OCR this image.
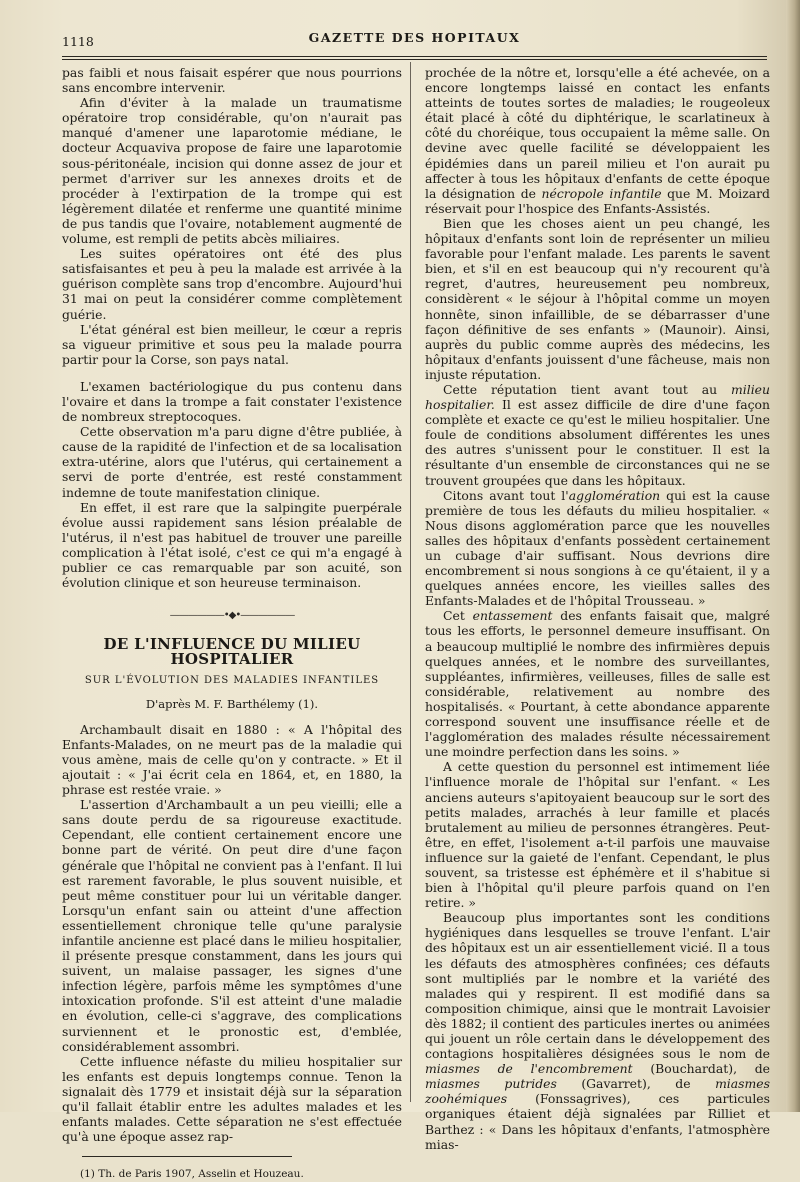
1118	GAZETTE DES HOPITAUX

pas faibli et nous faisait espérer que nous pourrions sans encombre intervenir.

Afin d'éviter à la malade un traumatisme opératoire trop considérable, qu'on n'aurait pas manqué d'amener une laparotomie médiane, le docteur Acquaviva propose de faire une laparotomie sous-péritonéale, incision qui donne assez de jour et permet d'arriver sur les annexes droits et de procéder à l'extirpation de la trompe qui est légèrement dilatée et renferme une quantité minime de pus tandis que l'ovaire, notablement augmenté de volume, est rempli de petits abcès miliaires.

Les suites opératoires ont été des plus satisfaisantes et peu à peu la malade est arrivée à la guérison complète sans trop d'encombre. Aujourd'hui 31 mai on peut la considérer comme complètement guérie.

L'état général est bien meilleur, le cœur a repris sa vigueur primitive et sous peu la malade pourra partir pour la Corse, son pays natal.

L'examen bactériologique du pus contenu dans l'ovaire et dans la trompe a fait constater l'existence de nombreux streptocoques.

Cette observation m'a paru digne d'être publiée, à cause de la rapidité de l'infection et de sa localisation extra-utérine, alors que l'utérus, qui certainement a servi de porte d'entrée, est resté constamment indemne de toute manifestation clinique.

En effet, il est rare que la salpingite puerpérale évolue aussi rapidement sans lésion préalable de l'utérus, il n'est pas habituel de trouver une pareille complication à l'état isolé, c'est ce qui m'a engagé à publier ce cas remarquable par son acuité, son évolution clinique et son heureuse terminaison.

——————•◆•——————
DE L'INFLUENCE DU MILIEU HOSPITALIER
SUR L'ÉVOLUTION DES MALADIES INFANTILES
D'après M. F. Barthélemy (1).

Archambault disait en 1880 : « A l'hôpital des Enfants-Malades, on ne meurt pas de la maladie qui vous amène, mais de celle qu'on y contracte. » Et il ajoutait : « J'ai écrit cela en 1864, et, en 1880, la phrase est restée vraie. »

L'assertion d'Archambault a un peu vieilli; elle a sans doute perdu de sa rigoureuse exactitude. Cependant, elle contient certainement encore une bonne part de vérité. On peut dire d'une façon générale que l'hôpital ne convient pas à l'enfant. Il lui est rarement favorable, le plus souvent nuisible, et peut même constituer pour lui un véritable danger. Lorsqu'un enfant sain ou atteint d'une affection essentiellement chronique telle qu'une paralysie infantile ancienne est placé dans le milieu hospitalier, il présente presque constamment, dans les jours qui suivent, un malaise passager, les signes d'une infection légère, parfois même les symptômes d'une intoxication profonde. S'il est atteint d'une maladie en évolution, celle-ci s'aggrave, des complications surviennent et le pronostic est, d'emblée, considérablement assombri.

Cette influence néfaste du milieu hospitalier sur les enfants est depuis longtemps connue. Tenon la signalait dès 1779 et insistait déjà sur la séparation qu'il fallait établir entre les adultes malades et les enfants malades. Cette séparation ne s'est effectuée qu'à une époque assez rap-

(1) Th. de Paris 1907, Asselin et Houzeau.

prochée de la nôtre et, lorsqu'elle a été achevée, on a encore longtemps laissé en contact les enfants atteints de toutes sortes de maladies; le rougeoleux était placé à côté du diphtérique, le scarlatineux à côté du choréique, tous occupaient la même salle. On devine avec quelle facilité se développaient les épidémies dans un pareil milieu et l'on aurait pu affecter à tous les hôpitaux d'enfants de cette époque la désignation de nécropole infantile que M. Moizard réservait pour l'hospice des Enfants-Assistés.

Bien que les choses aient un peu changé, les hôpitaux d'enfants sont loin de représenter un milieu favorable pour l'enfant malade. Les parents le savent bien, et s'il en est beaucoup qui n'y recourent qu'à regret, d'autres, heureusement peu nombreux, considèrent « le séjour à l'hôpital comme un moyen honnête, sinon infaillible, de se débarrasser d'une façon définitive de ses enfants » (Maunoir). Ainsi, auprès du public comme auprès des médecins, les hôpitaux d'enfants jouissent d'une fâcheuse, mais non injuste réputation.

Cette réputation tient avant tout au milieu hospitalier. Il est assez difficile de dire d'une façon complète et exacte ce qu'est le milieu hospitalier. Une foule de conditions absolument différentes les unes des autres s'unissent pour le constituer. Il est la résultante d'un ensemble de circonstances qui ne se trouvent groupées que dans les hôpitaux.

Citons avant tout l'agglomération qui est la cause première de tous les défauts du milieu hospitalier. « Nous disons agglomération parce que les nouvelles salles des hôpitaux d'enfants possèdent certainement un cubage d'air suffisant. Nous devrions dire encombrement si nous songions à ce qu'étaient, il y a quelques années encore, les vieilles salles des Enfants-Malades et de l'hôpital Trousseau. »

Cet entassement des enfants faisait que, malgré tous les efforts, le personnel demeure insuffisant. On a beaucoup multiplié le nombre des infirmières depuis quelques années, et le nombre des surveillantes, suppléantes, infirmières, veilleuses, filles de salle est considérable, relativement au nombre des hospitalisés. « Pourtant, à cette abondance apparente correspond souvent une insuffisance réelle et de l'agglomération des malades résulte nécessairement une moindre perfection dans les soins. »

A cette question du personnel est intimement liée l'influence morale de l'hôpital sur l'enfant. « Les anciens auteurs s'apitoyaient beaucoup sur le sort des petits malades, arrachés à leur famille et placés brutalement au milieu de personnes étrangères. Peut-être, en effet, l'isolement a-t-il parfois une mauvaise influence sur la gaieté de l'enfant. Cependant, le plus souvent, sa tristesse est éphémère et il s'habitue si bien à l'hôpital qu'il pleure parfois quand on l'en retire. »

Beaucoup plus importantes sont les conditions hygiéniques dans lesquelles se trouve l'enfant. L'air des hôpitaux est un air essentiellement vicié. Il a tous les défauts des atmosphères confinées; ces défauts sont multipliés par le nombre et la variété des malades qui y respirent. Il est modifié dans sa composition chimique, ainsi que le montrait Lavoisier dès 1882; il contient des particules inertes ou animées qui jouent un rôle certain dans le développement des contagions hospitalières désignées sous le nom de miasmes de l'encombrement (Bouchardat), de miasmes putrides (Gavarret), de miasmes zoohémiques (Fonssagrives), ces particules organiques étaient déjà signalées par Rilliet et Barthez : « Dans les hôpitaux d'enfants, l'atmosphère mias-
